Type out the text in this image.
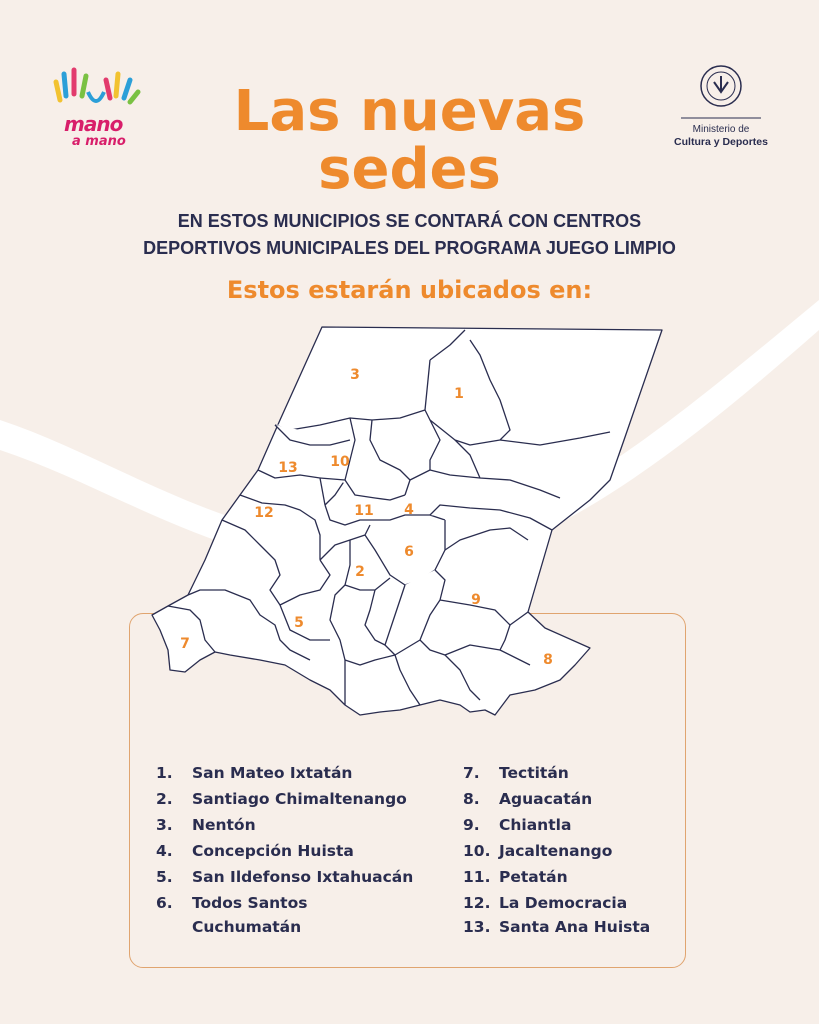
mano
a mano
Ministerio de
Cultura y Deportes
Las nuevas
sedes
EN ESTOS MUNICIPIOS SE CONTARÁ CON CENTROS
DEPORTIVOS MUNICIPALES DEL PROGRAMA JUEGO LIMPIO
Estos estarán ubicados en:
3
1
13 10
12	11 4
6
2
9
5
7
8
1. San Mateo Ixtatán
2. Santiago Chimaltenango
3. Nentón
4. Concepción Huista
5. San Ildefonso Ixtahuacán
6. Todos Santos
Cuchumatán
7. Tectitán
8. Aguacatán
9. Chiantla
10. Jacaltenango
11. Petatán
12. La Democracia
13. Santa Ana Huista
